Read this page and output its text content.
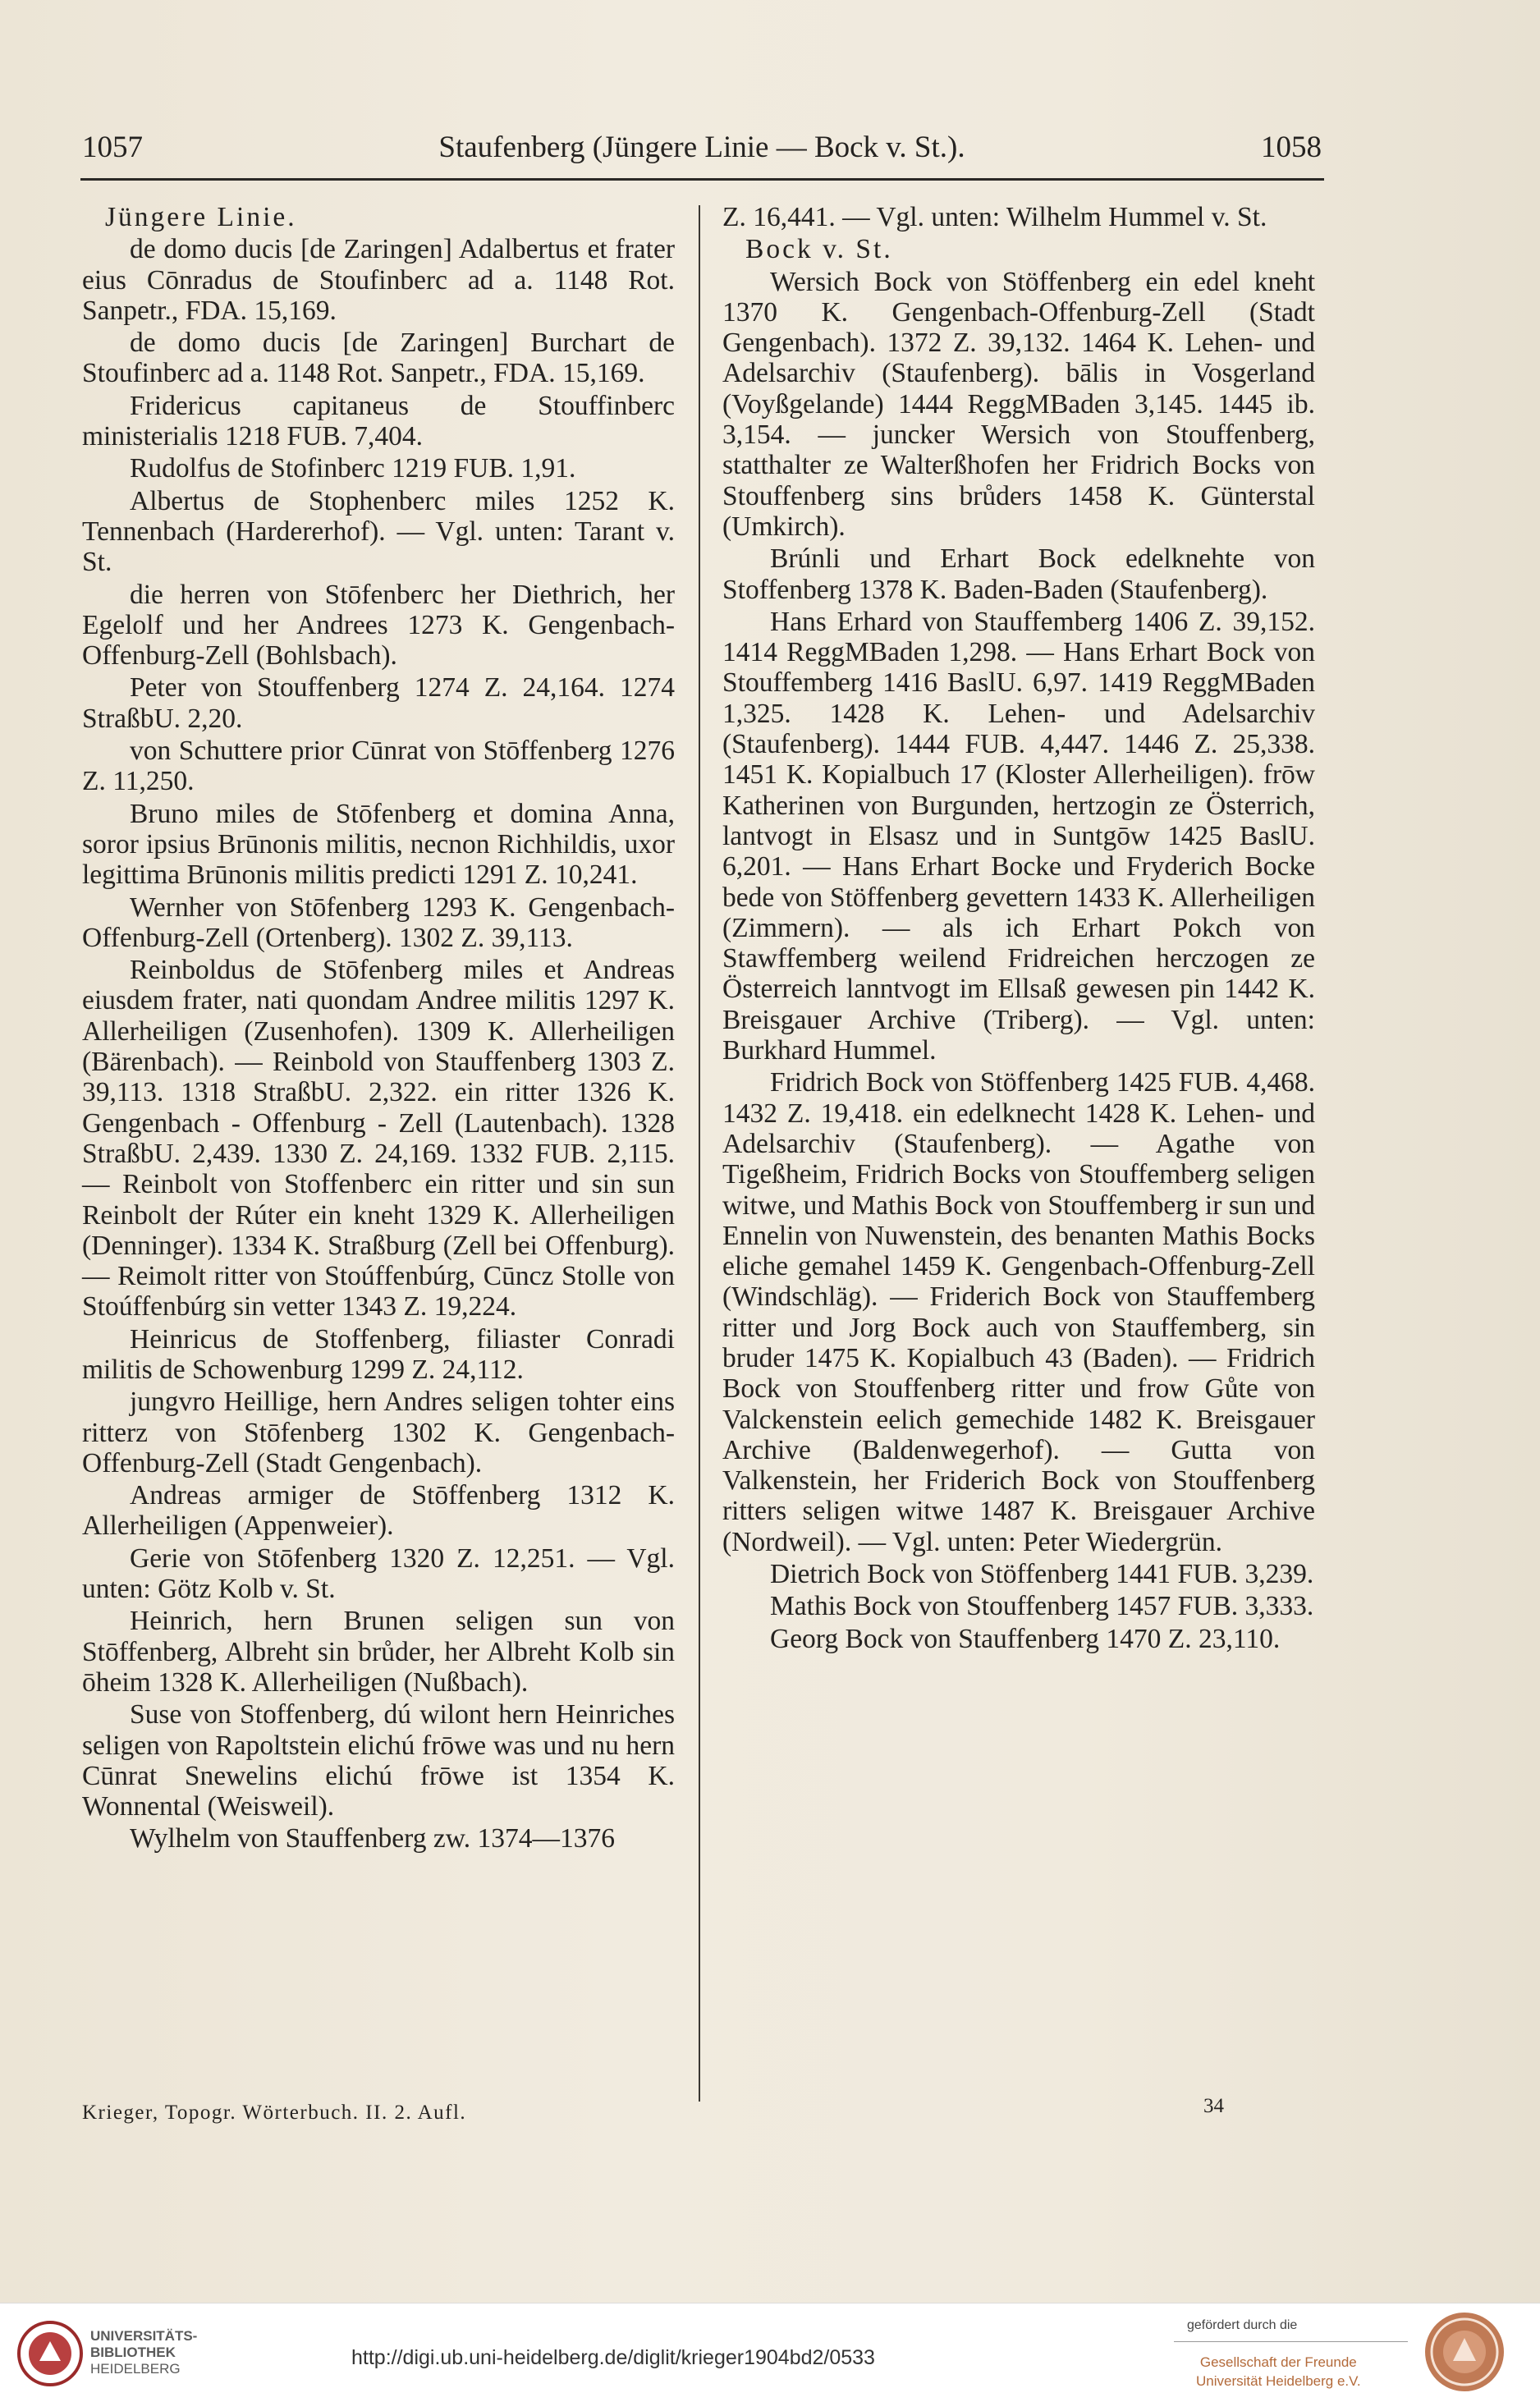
1057	Staufenberg (Jüngere Linie — Bock v. St.).	1058

Jüngere Linie.

de domo ducis [de Zaringen] Adalbertus et frater eius Cōnradus de Stoufinberc ad a. 1148 Rot. Sanpetr., FDA. 15,169.

de domo ducis [de Zaringen] Burchart de Stoufinberc ad a. 1148 Rot. Sanpetr., FDA. 15,169.

Fridericus capitaneus de Stouffinberc ministerialis 1218 FUB. 7,404.

Rudolfus de Stofinberc 1219 FUB. 1,91.

Albertus de Stophenberc miles 1252 K. Tennenbach (Hardererhof). — Vgl. unten: Tarant v. St.

die herren von Stōfenberc her Diethrich, her Egelolf und her Andrees 1273 K. Gengenbach-Offenburg-Zell (Bohlsbach).

Peter von Stouffenberg 1274 Z. 24,164. 1274 StraßbU. 2,20.

von Schuttere prior Cūnrat von Stōffenberg 1276 Z. 11,250.

Bruno miles de Stōfenberg et domina Anna, soror ipsius Brūnonis militis, necnon Richhildis, uxor legittima Brūnonis militis predicti 1291 Z. 10,241.

Wernher von Stōfenberg 1293 K. Gengenbach-Offenburg-Zell (Ortenberg). 1302 Z. 39,113.

Reinboldus de Stōfenberg miles et Andreas eiusdem frater, nati quondam Andree militis 1297 K. Allerheiligen (Zusenhofen). 1309 K. Allerheiligen (Bärenbach). — Reinbold von Stauffenberg 1303 Z. 39,113. 1318 StraßbU. 2,322. ein ritter 1326 K. Gengenbach - Offenburg - Zell (Lautenbach). 1328 StraßbU. 2,439. 1330 Z. 24,169. 1332 FUB. 2,115. — Reinbolt von Stoffenberc ein ritter und sin sun Reinbolt der Rúter ein kneht 1329 K. Allerheiligen (Denninger). 1334 K. Straßburg (Zell bei Offenburg). — Reimolt ritter von Stoúffenbúrg, Cūncz Stolle von Stoúffenbúrg sin vetter 1343 Z. 19,224.

Heinricus de Stoffenberg, filiaster Conradi militis de Schowenburg 1299 Z. 24,112.

jungvro Heillige, hern Andres seligen tohter eins ritterz von Stōfenberg 1302 K. Gengenbach-Offenburg-Zell (Stadt Gengenbach).

Andreas armiger de Stōffenberg 1312 K. Allerheiligen (Appenweier).

Gerie von Stōfenberg 1320 Z. 12,251. — Vgl. unten: Götz Kolb v. St.

Heinrich, hern Brunen seligen sun von Stōffenberg, Albreht sin brůder, her Albreht Kolb sin ōheim 1328 K. Allerheiligen (Nußbach).

Suse von Stoffenberg, dú wilont hern Heinriches seligen von Rapoltstein elichú frōwe was und nu hern Cūnrat Snewelins elichú frōwe ist 1354 K. Wonnental (Weisweil).

Wylhelm von Stauffenberg zw. 1374—1376

Z. 16,441. — Vgl. unten: Wilhelm Hummel v. St.

Bock v. St.

Wersich Bock von Stöffenberg ein edel kneht 1370 K. Gengenbach-Offenburg-Zell (Stadt Gengenbach). 1372 Z. 39,132. 1464 K. Lehen- und Adelsarchiv (Staufenberg). bālis in Vosgerland (Voyßgelande) 1444 ReggMBaden 3,145. 1445 ib. 3,154. — juncker Wersich von Stouffenberg, statthalter ze Walterßhofen her Fridrich Bocks von Stouffenberg sins brůders 1458 K. Günterstal (Umkirch).

Brúnli und Erhart Bock edelknehte von Stoffenberg 1378 K. Baden-Baden (Staufenberg).

Hans Erhard von Stauffemberg 1406 Z. 39,152. 1414 ReggMBaden 1,298. — Hans Erhart Bock von Stouffemberg 1416 BaslU. 6,97. 1419 ReggMBaden 1,325. 1428 K. Lehen- und Adelsarchiv (Staufenberg). 1444 FUB. 4,447. 1446 Z. 25,338. 1451 K. Kopialbuch 17 (Kloster Allerheiligen). frōw Katherinen von Burgunden, hertzogin ze Österrich, lantvogt in Elsasz und in Suntgōw 1425 BaslU. 6,201. — Hans Erhart Bocke und Fryderich Bocke bede von Stöffenberg gevettern 1433 K. Allerheiligen (Zimmern). — als ich Erhart Pokch von Stawffemberg weilend Fridreichen herczogen ze Österreich lanntvogt im Ellsaß gewesen pin 1442 K. Breisgauer Archive (Triberg). — Vgl. unten: Burkhard Hummel.

Fridrich Bock von Stöffenberg 1425 FUB. 4,468. 1432 Z. 19,418. ein edelknecht 1428 K. Lehen- und Adelsarchiv (Staufenberg). — Agathe von Tigeßheim, Fridrich Bocks von Stouffemberg seligen witwe, und Mathis Bock von Stouffemberg ir sun und Ennelin von Nuwenstein, des benanten Mathis Bocks eliche gemahel 1459 K. Gengenbach-Offenburg-Zell (Windschläg). — Friderich Bock von Stauffemberg ritter und Jorg Bock auch von Stauffemberg, sin bruder 1475 K. Kopialbuch 43 (Baden). — Fridrich Bock von Stouffenberg ritter und frow Gůte von Valckenstein eelich gemechide 1482 K. Breisgauer Archive (Baldenwegerhof). — Gutta von Valkenstein, her Friderich Bock von Stouffenberg ritters seligen witwe 1487 K. Breisgauer Archive (Nordweil). — Vgl. unten: Peter Wiedergrün.

Dietrich Bock von Stöffenberg 1441 FUB. 3,239.

Mathis Bock von Stouffenberg 1457 FUB. 3,333.

Georg Bock von Stauffenberg 1470 Z. 23,110.

Krieger, Topogr. Wörterbuch. II. 2. Aufl.	34
UNIVERSITÄTS-
BIBLIOTHEK
HEIDELBERG	http://digi.ub.uni-heidelberg.de/diglit/krieger1904bd2/0533
gefördert durch die
Gesellschaft der Freunde
Universität Heidelberg e.V.
